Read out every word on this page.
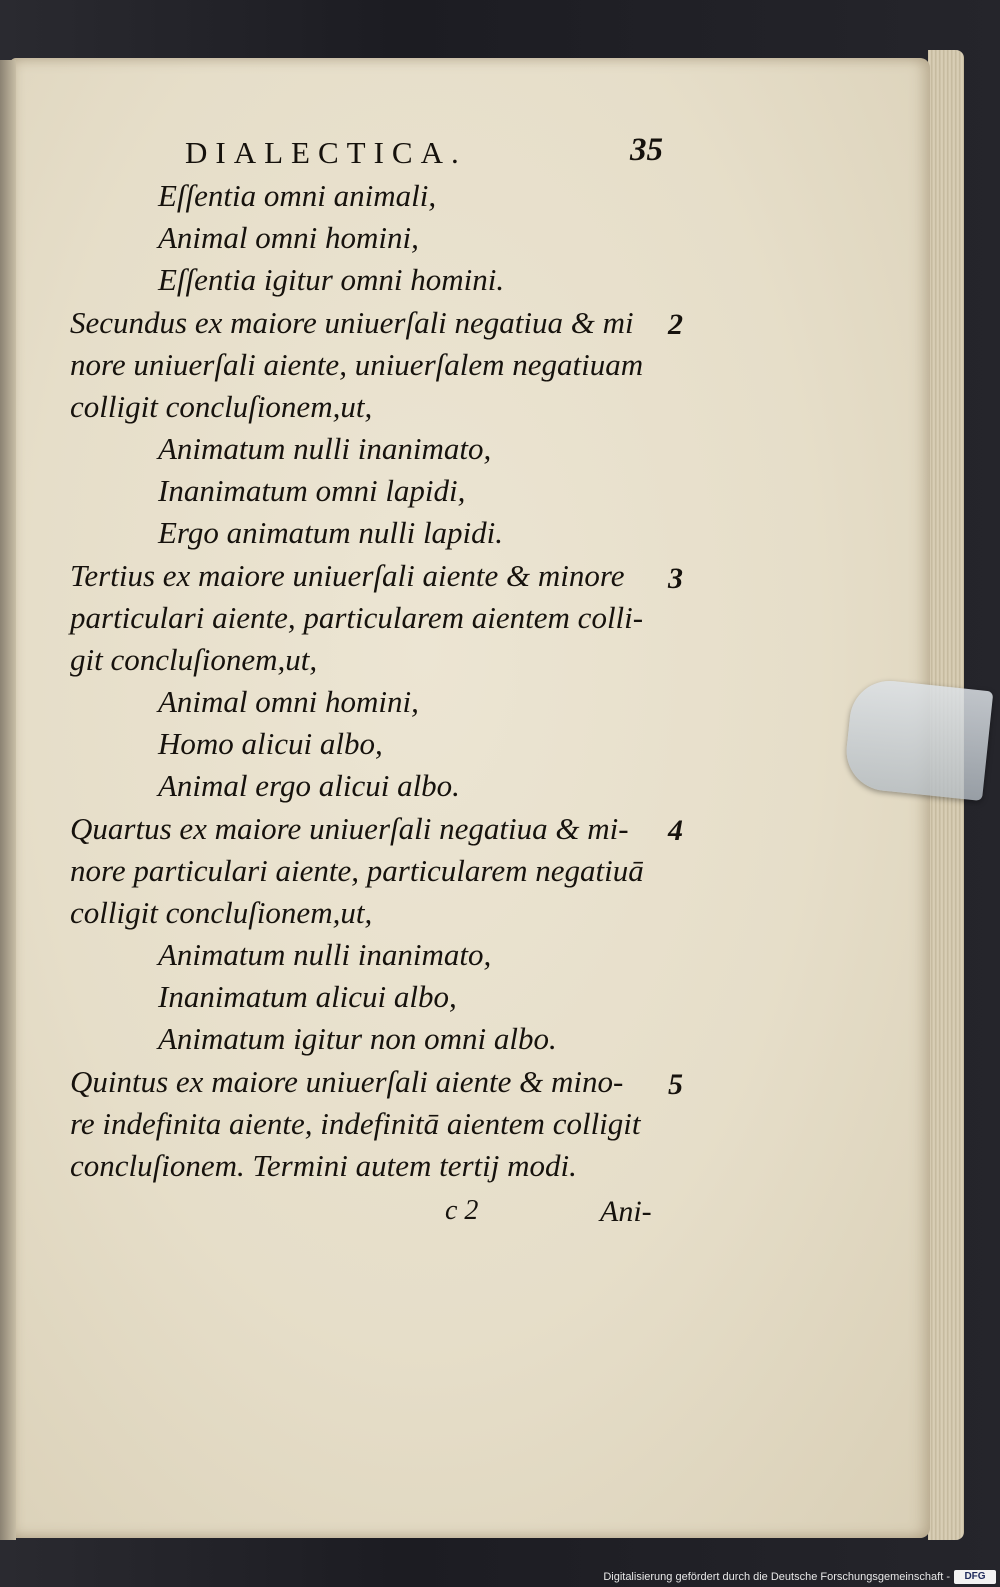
DIALECTICA.	35
Eſſentia omni animali,
Animal omni homini,
Eſſentia igitur omni homini.
Secundus ex maiore uniuerſali negatiua & mi
nore uniuerſali aiente, uniuerſalem negatiuam
colligit concluſionem,ut,
Animatum nulli inanimato,
Inanimatum omni lapidi,
Ergo animatum nulli lapidi.
Tertius ex maiore uniuerſali aiente & minore
particulari aiente, particularem aientem colli-
git concluſionem,ut,
Animal omni homini,
Homo alicui albo,
Animal ergo alicui albo.
Quartus ex maiore uniuerſali negatiua & mi-
nore particulari aiente, particularem negatiuā
colligit concluſionem,ut,
Animatum nulli inanimato,
Inanimatum alicui albo,
Animatum igitur non omni albo.
Quintus ex maiore uniuerſali aiente & mino-
re indefinita aiente, indefinitā aientem colligit
concluſionem. Termini autem tertij modi.
2
3
4
5
c 2	Ani-
Digitalisierung gefördert durch die Deutsche Forschungsgemeinschaft -	DFG
